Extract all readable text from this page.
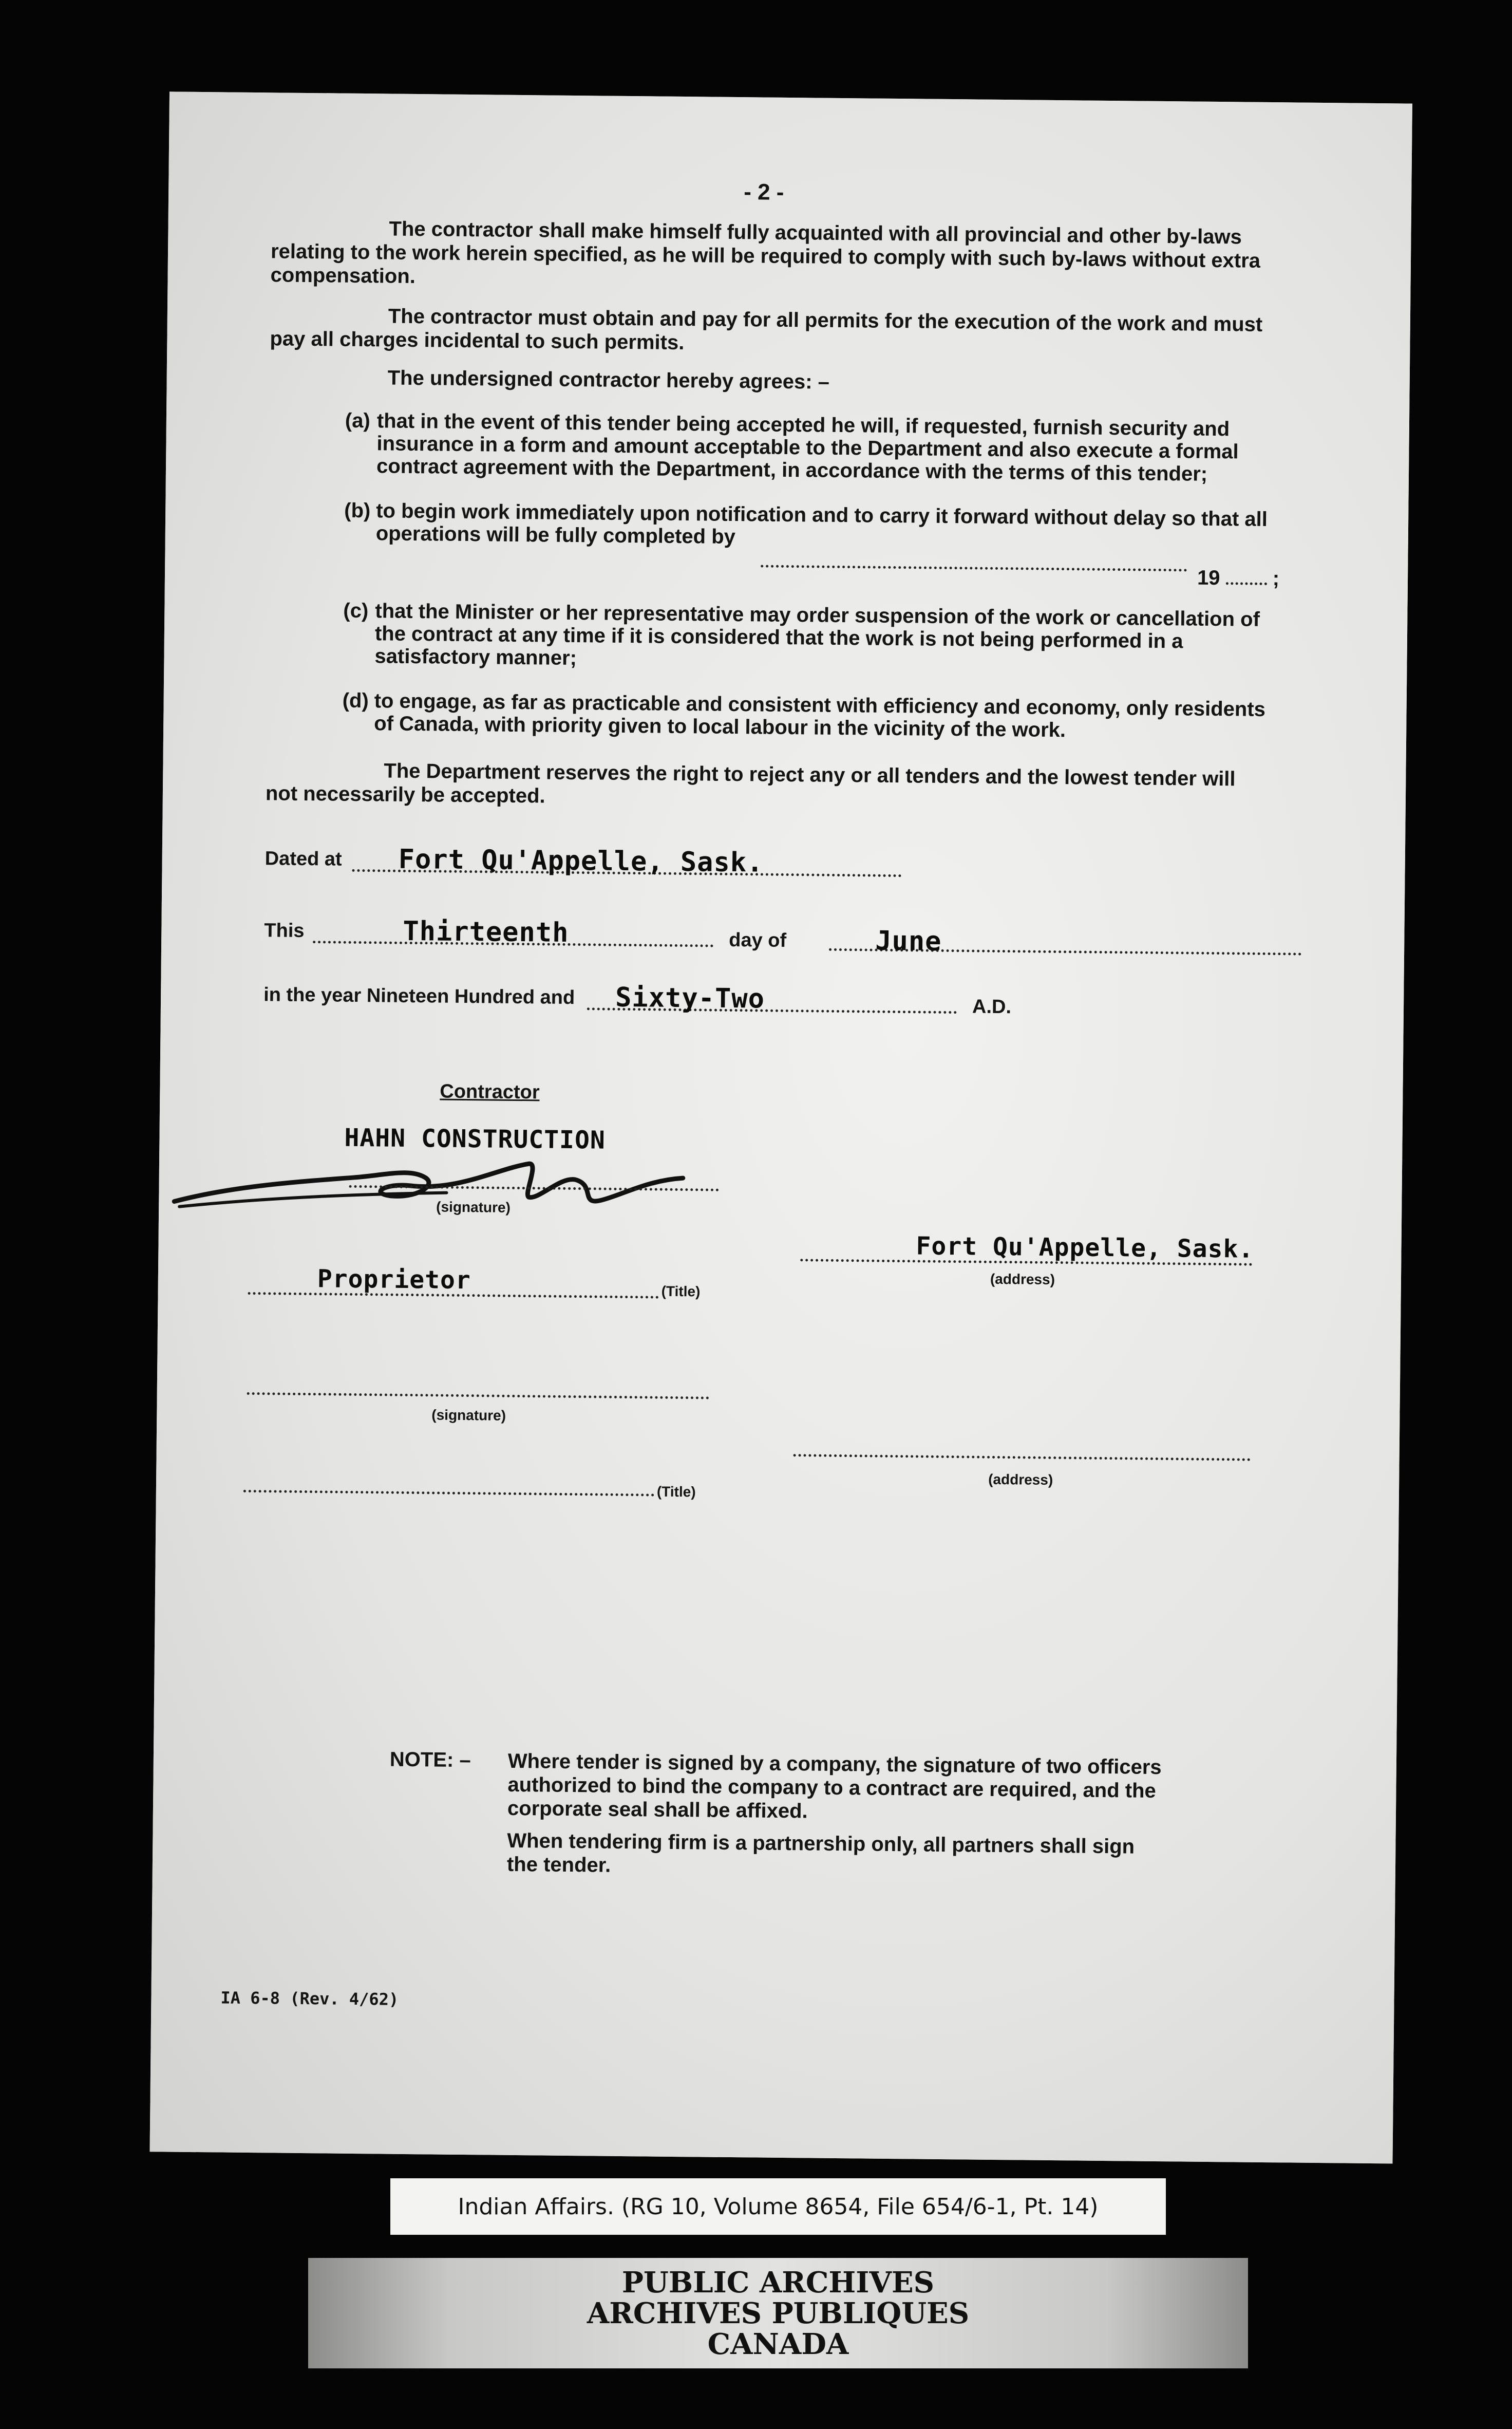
- 2 -
The contractor shall make himself fully acquainted with all provincial and other by-laws relating to the work herein specified, as he will be required to comply with such by-laws without extra compensation.
The contractor must obtain and pay for all permits for the execution of the work and must pay all charges incidental to such permits.
The undersigned contractor hereby agrees: –
(a) that in the event of this tender being accepted he will, if requested, furnish security and insurance in a form and amount acceptable to the Department and also execute a formal contract agreement with the Department, in accordance with the terms of this tender;
(b) to begin work immediately upon notification and to carry it forward without delay so that all operations will be fully completed by
19	;
(c) that the Minister or her representative may order suspension of the work or cancellation of the contract at any time if it is considered that the work is not being performed in a satisfactory manner;
(d) to engage, as far as practicable and consistent with efficiency and economy, only residents of Canada, with priority given to local labour in the vicinity of the work.
The Department reserves the right to reject any or all tenders and the lowest tender will not necessarily be accepted.
Dated at Fort Qu'Appelle, Sask.
This	Thirteenth	day of	June
in the year Nineteen Hundred and Sixty-Two	A.D.
Contractor
HAHN CONSTRUCTION
(signature)
Proprietor	(Title)
Fort Qu'Appelle, Sask.
(address)
(signature)
(address)
(Title)
NOTE: – Where tender is signed by a company, the signature of two officers authorized to bind the company to a contract are required, and the corporate seal shall be affixed.
When tendering firm is a partnership only, all partners shall sign the tender.
IA 6-8 (Rev. 4/62)
Indian Affairs. (RG 10, Volume 8654, File 654/6-1, Pt. 14)
PUBLIC ARCHIVES
ARCHIVES PUBLIQUES
CANADA
